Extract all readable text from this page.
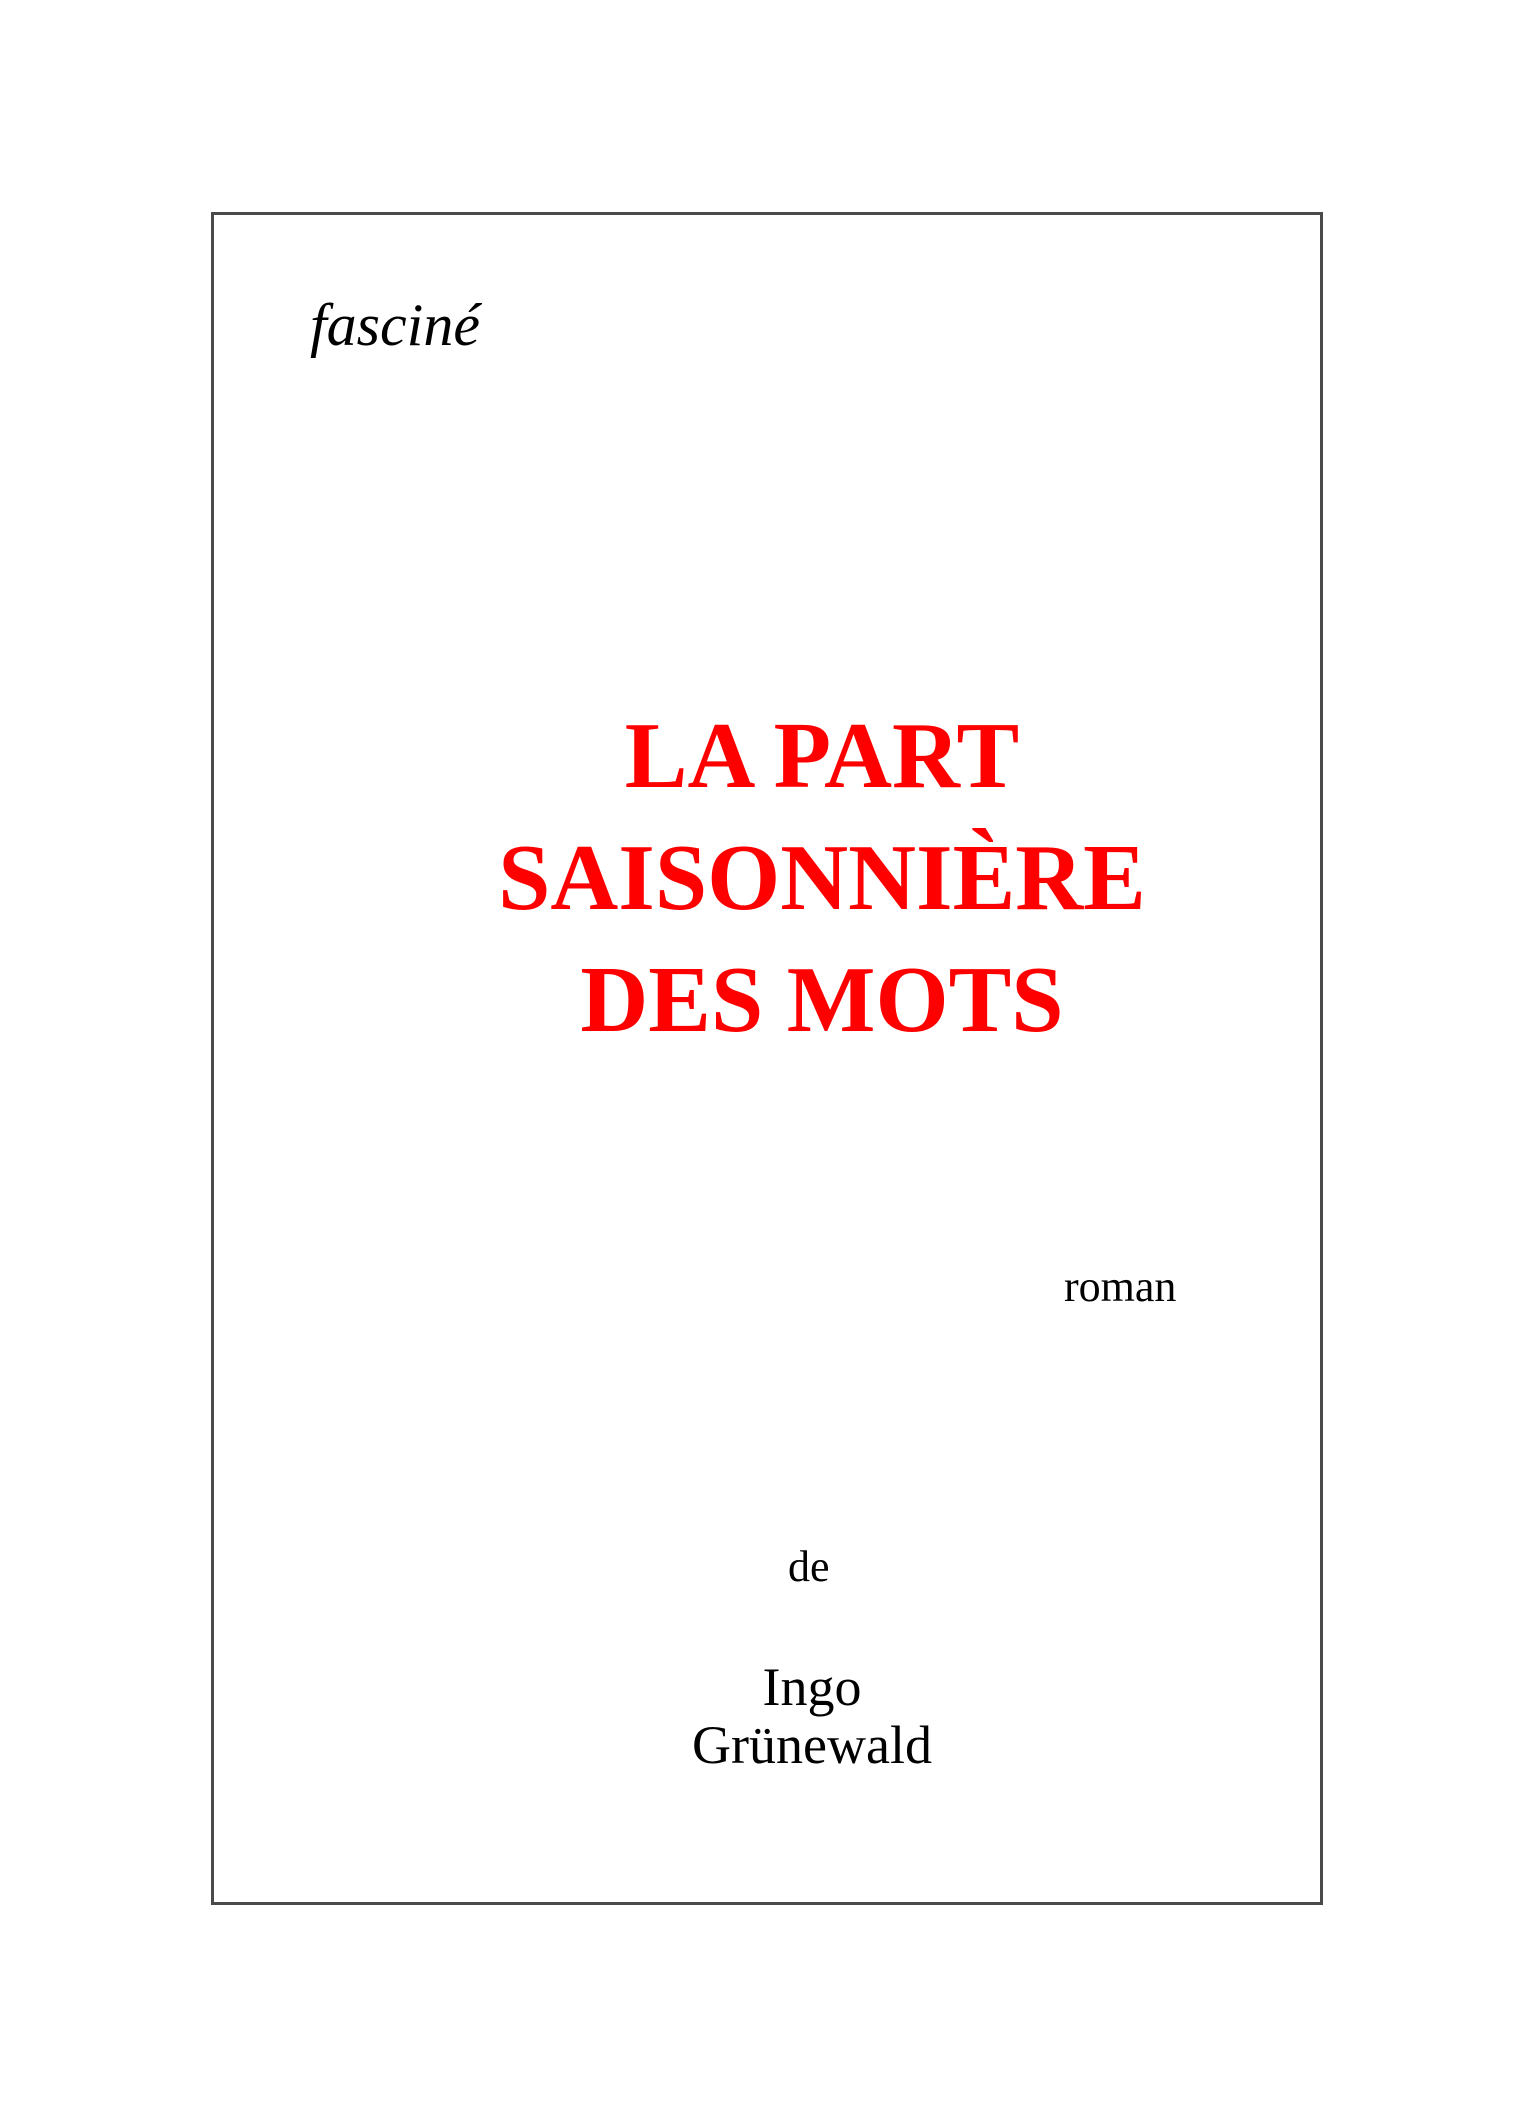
fasciné
LA PART
SAISONNIÈRE
DES MOTS
roman
de
Ingo
Grünewald
